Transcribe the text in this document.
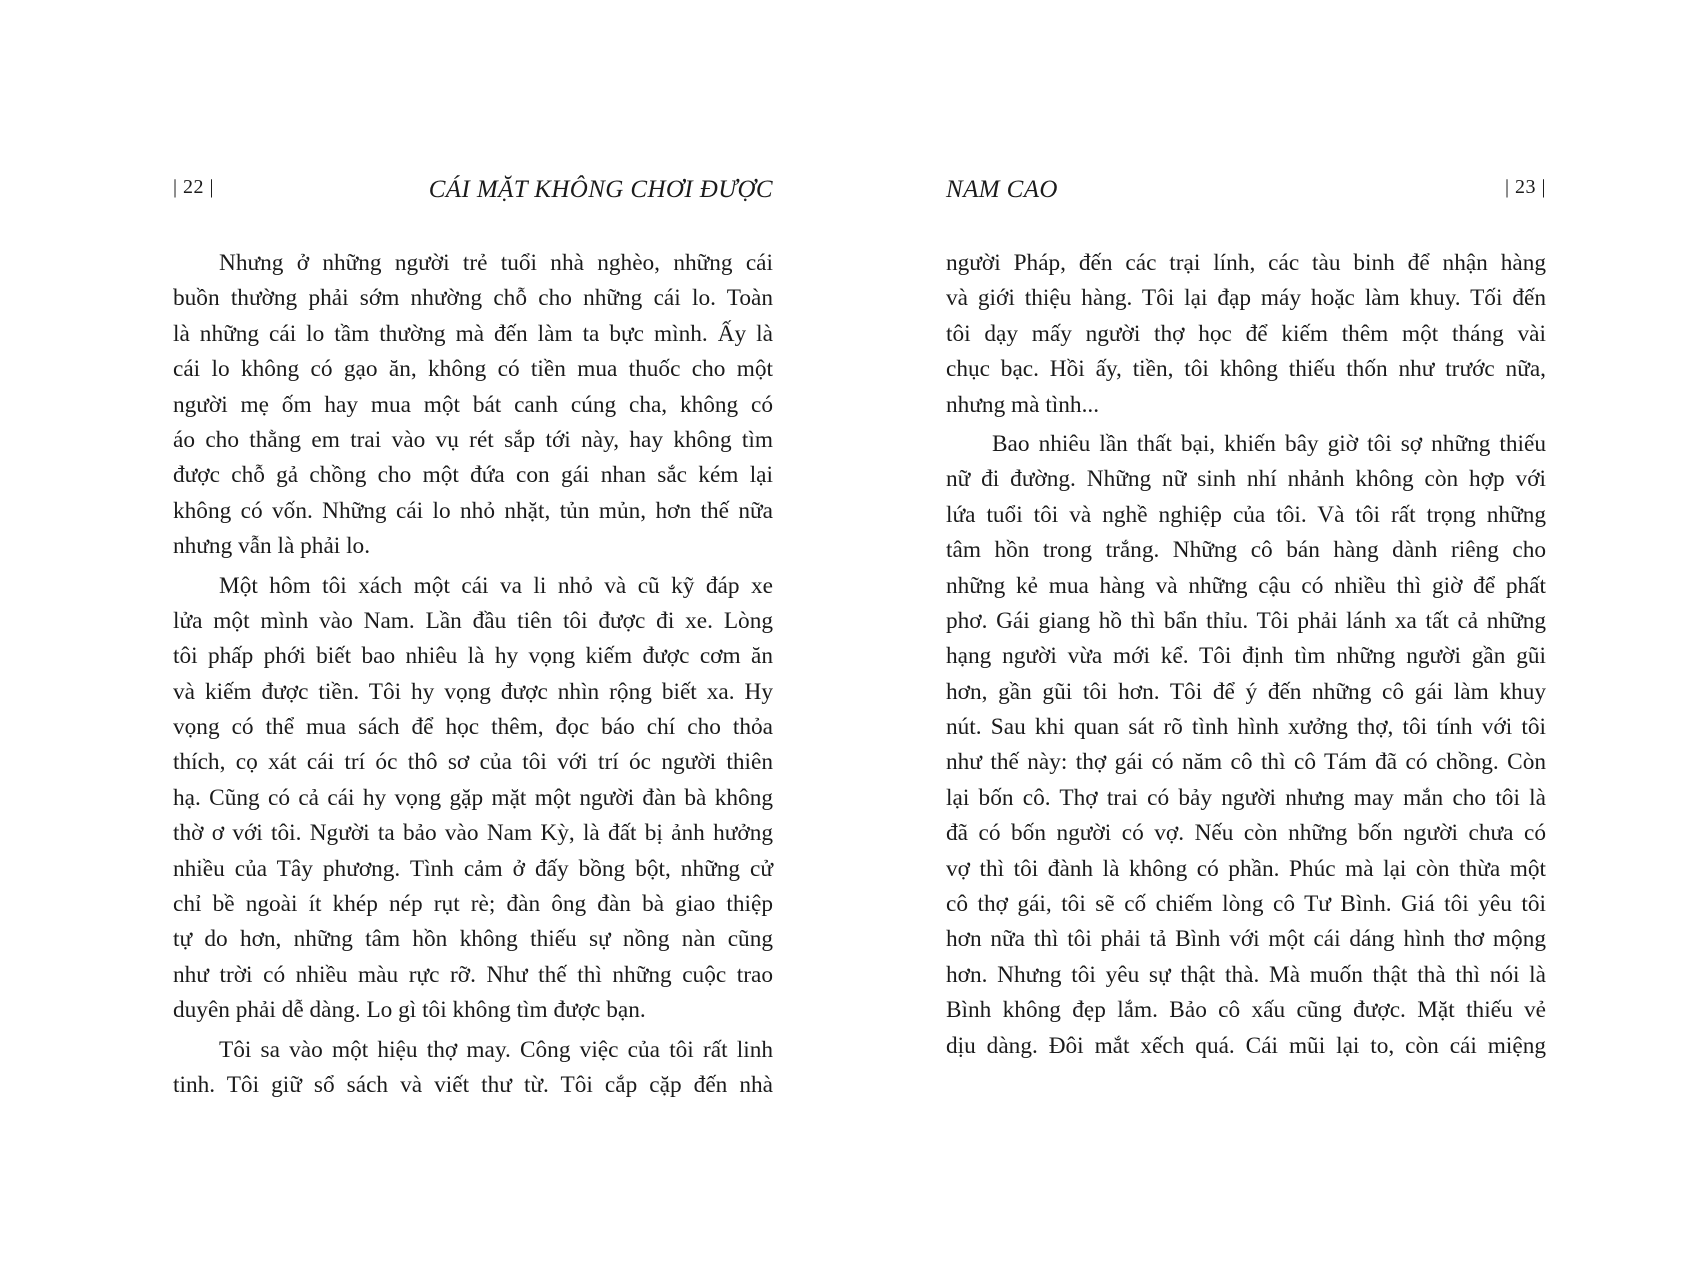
| 22 |	CÁI MẶT KHÔNG CHƠI ĐƯỢC
Nhưng ở những người trẻ tuổi nhà nghèo, những cái
buồn thường phải sớm nhường chỗ cho những cái lo. Toàn
là những cái lo tầm thường mà đến làm ta bực mình. Ấy là
cái lo không có gạo ăn, không có tiền mua thuốc cho một
người mẹ ốm hay mua một bát canh cúng cha, không có
áo cho thằng em trai vào vụ rét sắp tới này, hay không tìm
được chỗ gả chồng cho một đứa con gái nhan sắc kém lại
không có vốn. Những cái lo nhỏ nhặt, tủn mủn, hơn thế nữa
nhưng vẫn là phải lo.
Một hôm tôi xách một cái va li nhỏ và cũ kỹ đáp xe
lửa một mình vào Nam. Lần đầu tiên tôi được đi xe. Lòng
tôi phấp phới biết bao nhiêu là hy vọng kiếm được cơm ăn
và kiếm được tiền. Tôi hy vọng được nhìn rộng biết xa. Hy
vọng có thể mua sách để học thêm, đọc báo chí cho thỏa
thích, cọ xát cái trí óc thô sơ của tôi với trí óc người thiên
hạ. Cũng có cả cái hy vọng gặp mặt một người đàn bà không
thờ ơ với tôi. Người ta bảo vào Nam Kỳ, là đất bị ảnh hưởng
nhiều của Tây phương. Tình cảm ở đấy bồng bột, những cử
chỉ bề ngoài ít khép nép rụt rè; đàn ông đàn bà giao thiệp
tự do hơn, những tâm hồn không thiếu sự nồng nàn cũng
như trời có nhiều màu rực rỡ. Như thế thì những cuộc trao
duyên phải dễ dàng. Lo gì tôi không tìm được bạn.
Tôi sa vào một hiệu thợ may. Công việc của tôi rất linh
tinh. Tôi giữ sổ sách và viết thư từ. Tôi cắp cặp đến nhà
NAM CAO	| 23 |
người Pháp, đến các trại lính, các tàu binh để nhận hàng
và giới thiệu hàng. Tôi lại đạp máy hoặc làm khuy. Tối đến
tôi dạy mấy người thợ học để kiếm thêm một tháng vài
chục bạc. Hồi ấy, tiền, tôi không thiếu thốn như trước nữa,
nhưng mà tình...
Bao nhiêu lần thất bại, khiến bây giờ tôi sợ những thiếu
nữ đi đường. Những nữ sinh nhí nhảnh không còn hợp với
lứa tuổi tôi và nghề nghiệp của tôi. Và tôi rất trọng những
tâm hồn trong trắng. Những cô bán hàng dành riêng cho
những kẻ mua hàng và những cậu có nhiều thì giờ để phất
phơ. Gái giang hồ thì bẩn thỉu. Tôi phải lánh xa tất cả những
hạng người vừa mới kể. Tôi định tìm những người gần gũi
hơn, gần gũi tôi hơn. Tôi để ý đến những cô gái làm khuy
nút. Sau khi quan sát rõ tình hình xưởng thợ, tôi tính với tôi
như thế này: thợ gái có năm cô thì cô Tám đã có chồng. Còn
lại bốn cô. Thợ trai có bảy người nhưng may mắn cho tôi là
đã có bốn người có vợ. Nếu còn những bốn người chưa có
vợ thì tôi đành là không có phần. Phúc mà lại còn thừa một
cô thợ gái, tôi sẽ cố chiếm lòng cô Tư Bình. Giá tôi yêu tôi
hơn nữa thì tôi phải tả Bình với một cái dáng hình thơ mộng
hơn. Nhưng tôi yêu sự thật thà. Mà muốn thật thà thì nói là
Bình không đẹp lắm. Bảo cô xấu cũng được. Mặt thiếu vẻ
dịu dàng. Đôi mắt xếch quá. Cái mũi lại to, còn cái miệng
